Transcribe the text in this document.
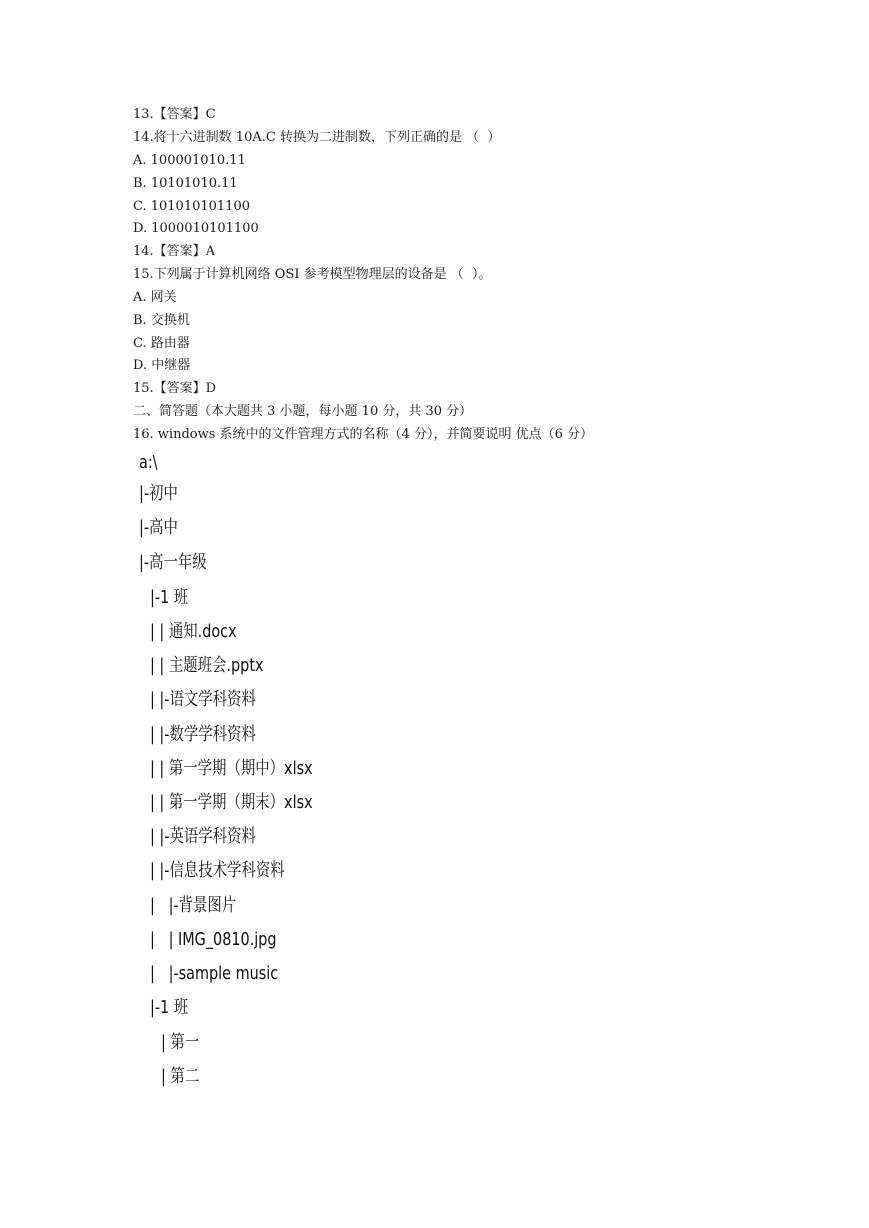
13.【答案】C

14.将十六进制数 10A.C 转换为二进制数，下列正确的是 （  ）

A. 100001010.11

B. 10101010.11

C. 101010101100

D. 1000010101100

14.【答案】A

15.下列属于计算机网络 OSI 参考模型物理层的设备是 （  ）。

A. 网关

B. 交换机

C. 路由器

D. 中继器

15.【答案】D

二、简答题（本大题共 3 小题，每小题 10 分，共 30 分）

16. windows 系统中的文件管理方式的名称（4 分），并简要说明 优点（6 分）

a:\

|-初中

|-高中

|-高一年级

|-1 班

| | 通知.docx

| | 主题班会.pptx

| |-语文学科资料

| |-数学学科资料

| | 第一学期（期中）xlsx

| | 第一学期（期末）xlsx

| |-英语学科资料

| |-信息技术学科资料

|   |-背景图片

|   | IMG_0810.jpg

|   |-sample music

|-1 班

| 第一

| 第二
